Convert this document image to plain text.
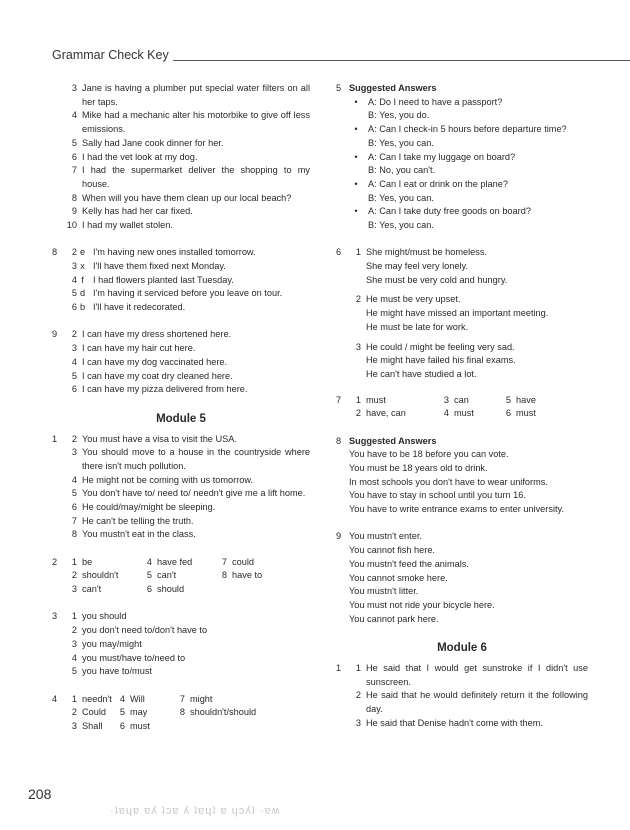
Grammar Check Key
3 Jane is having a plumber put special water filters on all her taps.
4 Mike had a mechanic alter his motorbike to give off less emissions.
5 Sally had Jane cook dinner for her.
6 I had the vet look at my dog.
7 I had the supermarket deliver the shopping to my house.
8 When will you have them clean up our local beach?
9 Kelly has had her car fixed.
10 I had my wallet stolen.
8	2 e I'm having new ones installed tomorrow.
3 x I'll have them fixed next Monday.
4 f	I had flowers planted last Tuesday.
5 d I'm having it serviced before you leave on tour.
6 b I'll have it redecorated.
9	2 I can have my dress shortened here.
3 I can have my hair cut here.
4 I can have my dog vaccinated here.
5 I can have my coat dry cleaned here.
6 I can have my pizza delivered from here.
Module 5
1	2 You must have a visa to visit the USA.
3 You should move to a house in the countryside where there isn't much pollution.
4 He might not be coming with us tomorrow.
5 You don't have to/ need to/ needn't give me a lift home.
6 He could/may/might be sleeping.
7 He can't be telling the truth.
8 You mustn't eat in the class.
2	1 be	4 have fed	7 could
2 shouldn't	5 can't	8 have to
3 can't	6 should
3	1 you should
2 you don't need to/don't have to
3 you may/might
4 you must/have to/need to
5 you have to/must
4	1 needn't 4 Will	7 might
2 Could	5 may	8 shouldn't/should
3 Shall	6 must
5 Suggested Answers
•	A: Do I need to have a passport?
B: Yes, you do.
•	A: Can I check-in 5 hours before departure time?
B: Yes, you can.
•	A: Can I take my luggage on board?
B: No, you can't.
•	A: Can I eat or drink on the plane?
B: Yes, you can.
•	A: Can I take duty free goods on board?
B: Yes, you can.
6	1 She might/must be homeless.
She may feel very lonely.
She must be very cold and hungry.
2 He must be very upset.
He might have missed an important meeting.
He must be late for work.
3 He could / might be feeling very sad.
He might have failed his final exams.
He can't have studied a lot.
7	1 must	3 can	5 have
2 have, can	4 must	6 must
8 Suggested Answers
You have to be 18 before you can vote.
You must be 18 years old to drink.
In most schools you don't have to wear uniforms.
You have to stay in school until you turn 16.
You have to write entrance exams to enter university.
9 You mustn't enter.
You cannot fish here.
You mustn't feed the animals.
You cannot smoke here.
You mustn't litter.
You must not ride your bicycle here.
You cannot park here.
Module 6
1	1 He said that I would get sunstroke if I didn't use sunscreen.
2 He said that he would definitely return it the following day.
3 He said that Denise hadn't come with them.
208
·ʇɐɥɐ ɐʎ ʇɔɐ ʎ ʇɐɥʇ ɐ ɥɔʎʇ ·ɐʍ
